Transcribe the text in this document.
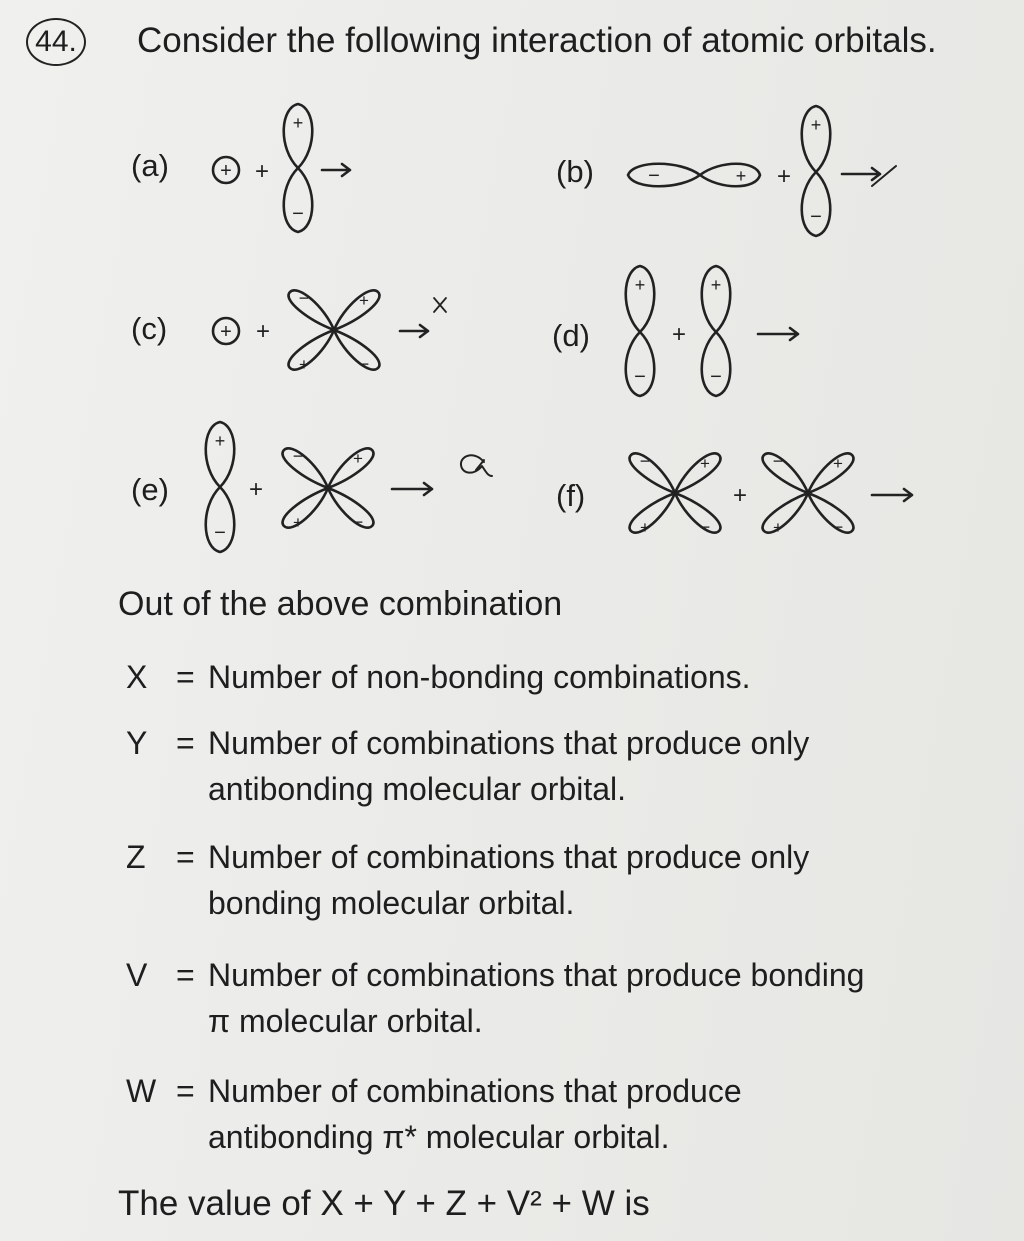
44. Consider the following interaction of atomic orbitals.
(a)	(b)
(c)	(d)
(e)	(f)
+ +
+
−
−	+ +
+
−
+ +
−	+
+	−
+
−
+
+
−
+
−
+
−	+
+	−
−	+
+	−
+
−	+
+	−
Out of the above combination
X = Number of non-bonding combinations.
Y = Number of combinations that produce only
antibonding molecular orbital.
Z = Number of combinations that produce only
bonding molecular orbital.
V = Number of combinations that produce bonding
π molecular orbital.
W = Number of combinations that produce
antibonding π* molecular orbital.
The value of X + Y + Z + V² + W is
